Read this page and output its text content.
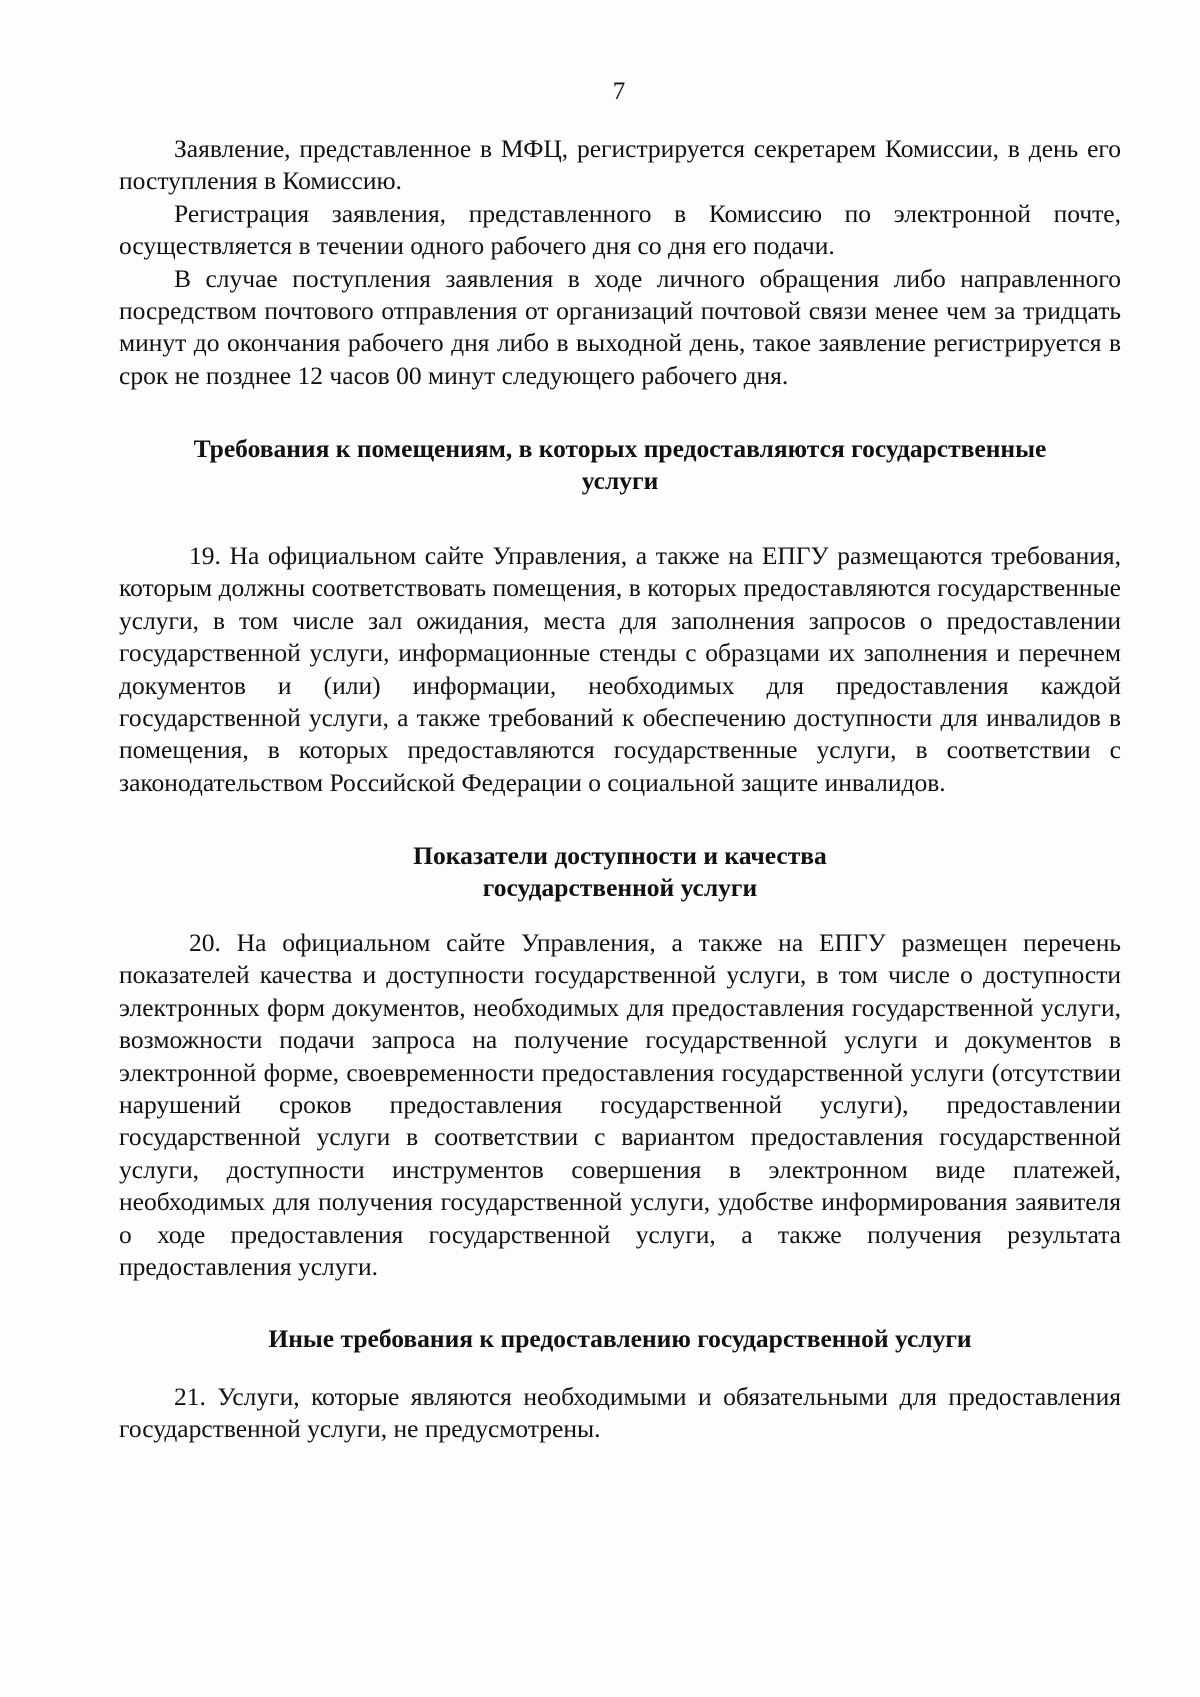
7

Заявление, представленное в МФЦ, регистрируется секретарем Комиссии, в день его поступления в Комиссию.

Регистрация заявления, представленного в Комиссию по электронной почте, осуществляется в течении одного рабочего дня со дня его подачи.

В случае поступления заявления в ходе личного обращения либо направленного посредством почтового отправления от организаций почтовой связи менее чем за тридцать минут до окончания рабочего дня либо в выходной день, такое заявление регистрируется в срок не позднее 12 часов 00 минут следующего рабочего дня.

Требования к помещениям, в которых предоставляются государственные
услуги

19. На официальном сайте Управления, а также на ЕПГУ размещаются требования, которым должны соответствовать помещения, в которых предоставляются государственные услуги, в том числе зал ожидания, места для заполнения запросов о предоставлении государственной услуги, информационные стенды с образцами их заполнения и перечнем документов и (или) информации, необходимых для предоставления каждой государственной услуги, а также требований к обеспечению доступности для инвалидов в помещения, в которых предоставляются государственные услуги, в соответствии с законодательством Российской Федерации о социальной защите инвалидов.

Показатели доступности и качества
государственной услуги

20. На официальном сайте Управления, а также на ЕПГУ размещен перечень показателей качества и доступности государственной услуги, в том числе о доступности электронных форм документов, необходимых для предоставления государственной услуги, возможности подачи запроса на получение государственной услуги и документов в электронной форме, своевременности предоставления государственной услуги (отсутствии нарушений сроков предоставления государственной услуги), предоставлении государственной услуги в соответствии с вариантом предоставления государственной услуги, доступности инструментов совершения в электронном виде платежей, необходимых для получения государственной услуги, удобстве информирования заявителя о ходе предоставления государственной услуги, а также получения результата предоставления услуги.

Иные требования к предоставлению государственной услуги

21. Услуги, которые являются необходимыми и обязательными для предоставления государственной услуги, не предусмотрены.
